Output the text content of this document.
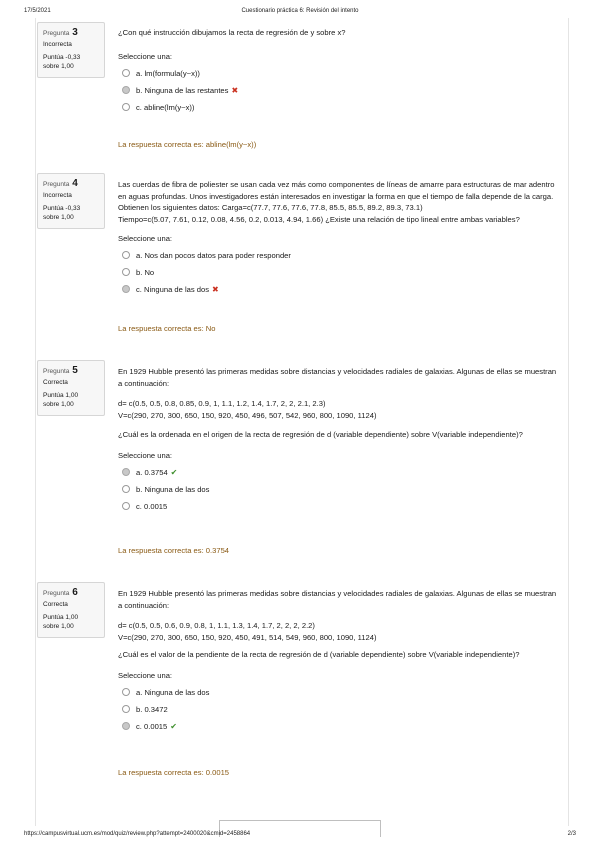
17/5/2021	Cuestionario práctica 6: Revisión del intento
Pregunta 3
Incorrecta
Puntúa -0,33
sobre 1,00

¿Con qué instrucción dibujamos la recta de regresión de y sobre x?

Seleccione una:
a. lm(formula(y~x))
b. Ninguna de las restantes ✖
c. abline(lm(y~x))
La respuesta correcta es: abline(lm(y~x))
Pregunta 4
Incorrecta
Puntúa -0,33
sobre 1,00

Las cuerdas de fibra de poliester se usan cada vez más como componentes de líneas de amarre para estructuras de mar adentro en aguas profundas. Unos investigadores están interesados en investigar la forma en que el tiempo de falla depende de la carga. Obtienen los siguientes datos: Carga=c(77.7, 77.6, 77.6, 77.8, 85.5, 85.5, 89.2, 89.3, 73.1)

Tiempo=c(5.07, 7.61, 0.12, 0.08, 4.56, 0.2, 0.013, 4.94, 1.66) ¿Existe una relación de tipo lineal entre ambas variables?

Seleccione una:
a. Nos dan pocos datos para poder responder
b. No
c. Ninguna de las dos ✖
La respuesta correcta es: No
Pregunta 5
Correcta
Puntúa 1,00
sobre 1,00

En 1929 Hubble presentó las primeras medidas sobre distancias y velocidades radiales de galaxias. Algunas de ellas se muestran a continuación:

d= c(0.5, 0.5, 0.8, 0.85, 0.9, 1, 1.1, 1.2, 1.4, 1.7, 2, 2, 2.1, 2.3)

V=c(290, 270, 300, 650, 150, 920, 450, 496, 507, 542, 960, 800, 1090, 1124)

¿Cuál es la ordenada en el origen de la recta de regresión de d (variable dependiente) sobre V(variable independiente)?

Seleccione una:
a. 0.3754 ✔
b. Ninguna de las dos
c. 0.0015
La respuesta correcta es: 0.3754
Pregunta 6
Correcta
Puntúa 1,00
sobre 1,00

En 1929 Hubble presentó las primeras medidas sobre distancias y velocidades radiales de galaxias. Algunas de ellas se muestran a continuación:

d= c(0.5, 0.5, 0.6, 0.9, 0.8, 1, 1.1, 1.3, 1.4, 1.7, 2, 2, 2, 2.2)

V=c(290, 270, 300, 650, 150, 920, 450, 491, 514, 549, 960, 800, 1090, 1124)

¿Cuál es el valor de la pendiente de la recta de regresión de d (variable dependiente) sobre V(variable independiente)?

Seleccione una:
a. Ninguna de las dos
b. 0.3472
c. 0.0015 ✔
La respuesta correcta es: 0.0015
https://campusvirtual.ucm.es/mod/quiz/review.php?attempt=2400020&cmid=2458864	2/3
